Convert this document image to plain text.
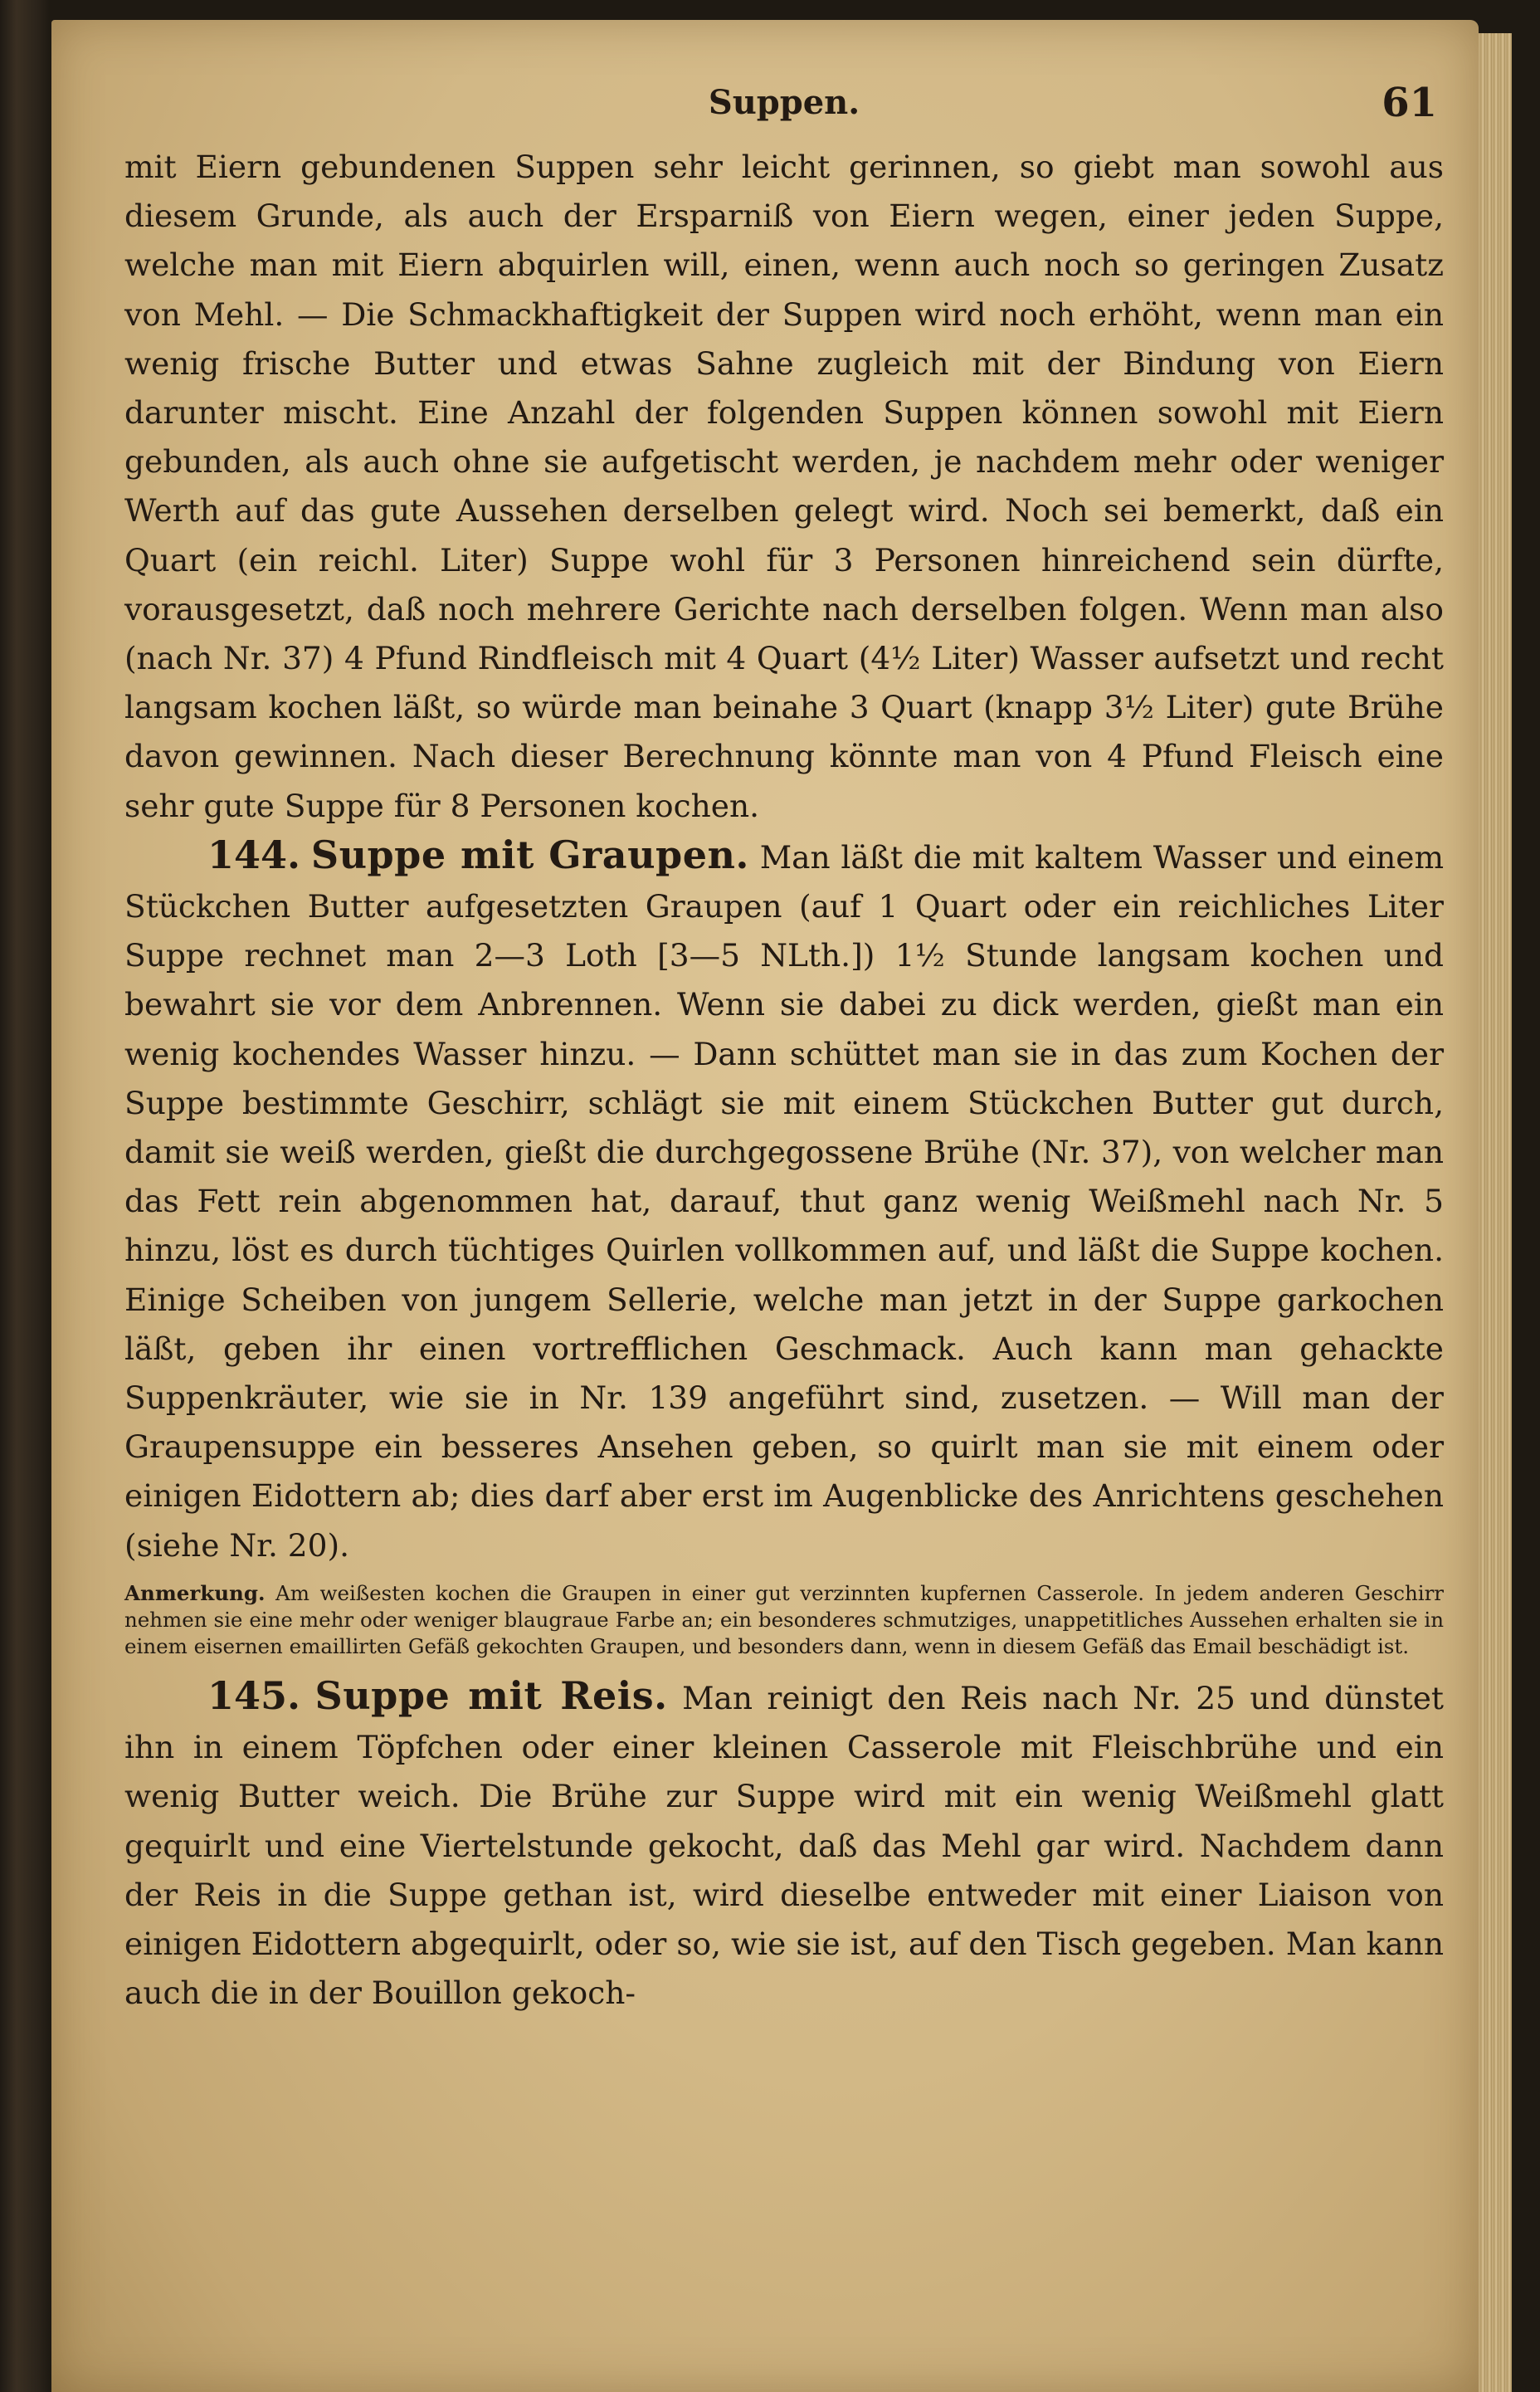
Suppen.	61

mit Eiern gebundenen Suppen sehr leicht gerinnen, so giebt man sowohl aus diesem Grunde, als auch der Ersparniß von Eiern wegen, einer jeden Suppe, welche man mit Eiern abquirlen will, einen, wenn auch noch so geringen Zusatz von Mehl. — Die Schmackhaftigkeit der Suppen wird noch erhöht, wenn man ein wenig frische Butter und etwas Sahne zugleich mit der Bindung von Eiern darunter mischt. Eine Anzahl der folgenden Suppen können sowohl mit Eiern gebunden, als auch ohne sie aufgetischt werden, je nachdem mehr oder weniger Werth auf das gute Aussehen derselben gelegt wird. Noch sei bemerkt, daß ein Quart (ein reichl. Liter) Suppe wohl für 3 Personen hinreichend sein dürfte, vorausgesetzt, daß noch mehrere Gerichte nach derselben folgen. Wenn man also (nach Nr. 37) 4 Pfund Rindfleisch mit 4 Quart (4½ Liter) Wasser aufsetzt und recht langsam kochen läßt, so würde man beinahe 3 Quart (knapp 3½ Liter) gute Brühe davon gewinnen. Nach dieser Berechnung könnte man von 4 Pfund Fleisch eine sehr gute Suppe für 8 Personen kochen.

144. Suppe mit Graupen. Man läßt die mit kaltem Wasser und einem Stückchen Butter aufgesetzten Graupen (auf 1 Quart oder ein reichliches Liter Suppe rechnet man 2—3 Loth [3—5 NLth.]) 1½ Stunde langsam kochen und bewahrt sie vor dem Anbrennen. Wenn sie dabei zu dick werden, gießt man ein wenig kochendes Wasser hinzu. — Dann schüttet man sie in das zum Kochen der Suppe bestimmte Geschirr, schlägt sie mit einem Stückchen Butter gut durch, damit sie weiß werden, gießt die durchgegossene Brühe (Nr. 37), von welcher man das Fett rein abgenommen hat, darauf, thut ganz wenig Weißmehl nach Nr. 5 hinzu, löst es durch tüchtiges Quirlen vollkommen auf, und läßt die Suppe kochen. Einige Scheiben von jungem Sellerie, welche man jetzt in der Suppe garkochen läßt, geben ihr einen vortrefflichen Geschmack. Auch kann man gehackte Suppenkräuter, wie sie in Nr. 139 angeführt sind, zusetzen. — Will man der Graupensuppe ein besseres Ansehen geben, so quirlt man sie mit einem oder einigen Eidottern ab; dies darf aber erst im Augenblicke des Anrichtens geschehen (siehe Nr. 20).

Anmerkung. Am weißesten kochen die Graupen in einer gut verzinnten kupfernen Casserole. In jedem anderen Geschirr nehmen sie eine mehr oder weniger blaugraue Farbe an; ein besonderes schmutziges, unappetitliches Aussehen erhalten sie in einem eisernen emaillirten Gefäß gekochten Graupen, und besonders dann, wenn in diesem Gefäß das Email beschädigt ist.

145. Suppe mit Reis. Man reinigt den Reis nach Nr. 25 und dünstet ihn in einem Töpfchen oder einer kleinen Casserole mit Fleischbrühe und ein wenig Butter weich. Die Brühe zur Suppe wird mit ein wenig Weißmehl glatt gequirlt und eine Viertelstunde gekocht, daß das Mehl gar wird. Nachdem dann der Reis in die Suppe gethan ist, wird dieselbe entweder mit einer Liaison von einigen Eidottern abgequirlt, oder so, wie sie ist, auf den Tisch gegeben. Man kann auch die in der Bouillon gekoch-
